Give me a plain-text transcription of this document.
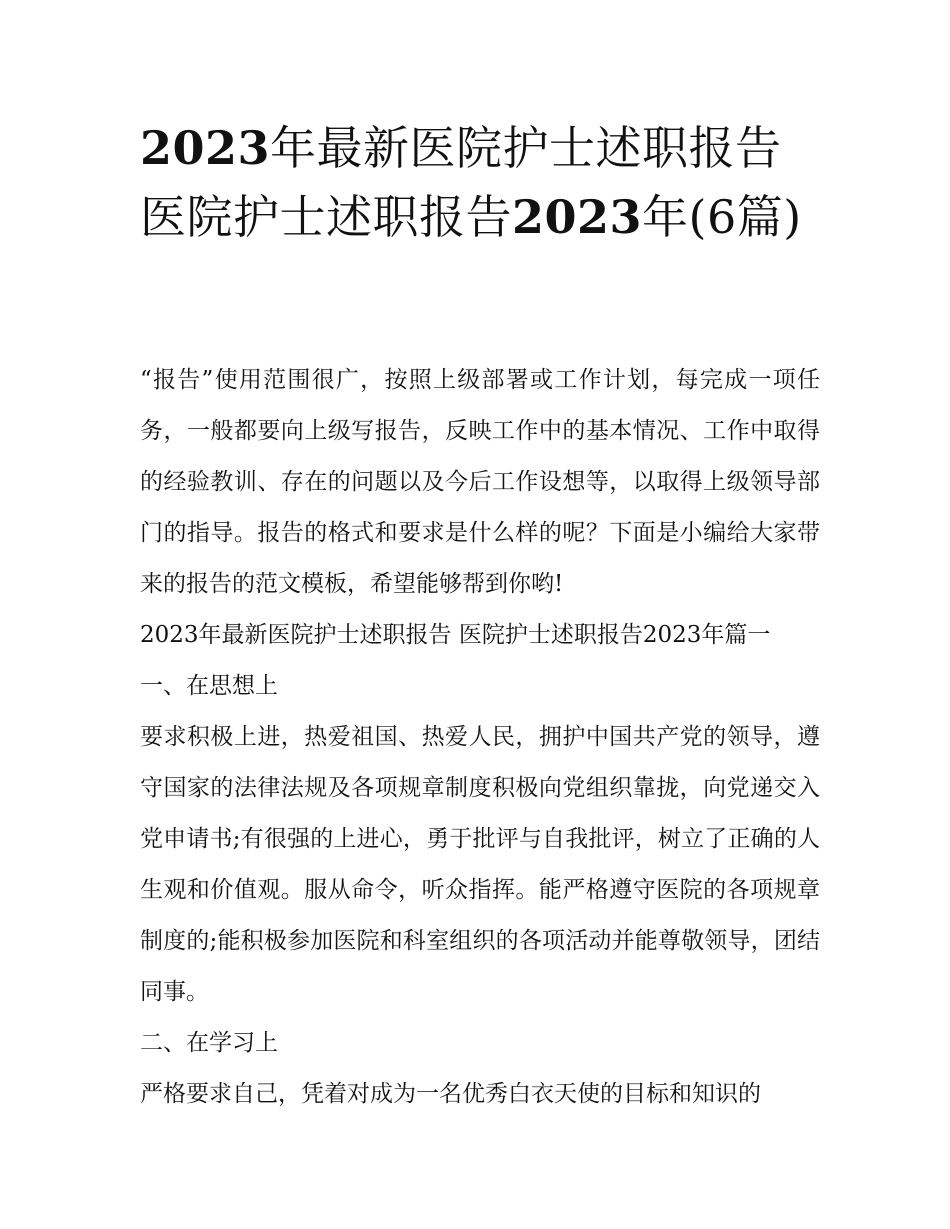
2023年最新医院护士述职报告 医院护士述职报告2023年(6篇)

“报告”使用范围很广，按照上级部署或工作计划，每完成一项任务，一般都要向上级写报告，反映工作中的基本情况、工作中取得的经验教训、存在的问题以及今后工作设想等，以取得上级领导部门的指导。报告的格式和要求是什么样的呢？下面是小编给大家带来的报告的范文模板，希望能够帮到你哟!

2023年最新医院护士述职报告 医院护士述职报告2023年篇一

一、在思想上

要求积极上进，热爱祖国、热爱人民，拥护中国共产党的领导，遵守国家的法律法规及各项规章制度积极向党组织靠拢，向党递交入党申请书;有很强的上进心，勇于批评与自我批评，树立了正确的人生观和价值观。服从命令，听众指挥。能严格遵守医院的各项规章制度的;能积极参加医院和科室组织的各项活动并能尊敬领导，团结同事。

二、在学习上

严格要求自己，凭着对成为一名优秀白衣天使的目标和知识的
